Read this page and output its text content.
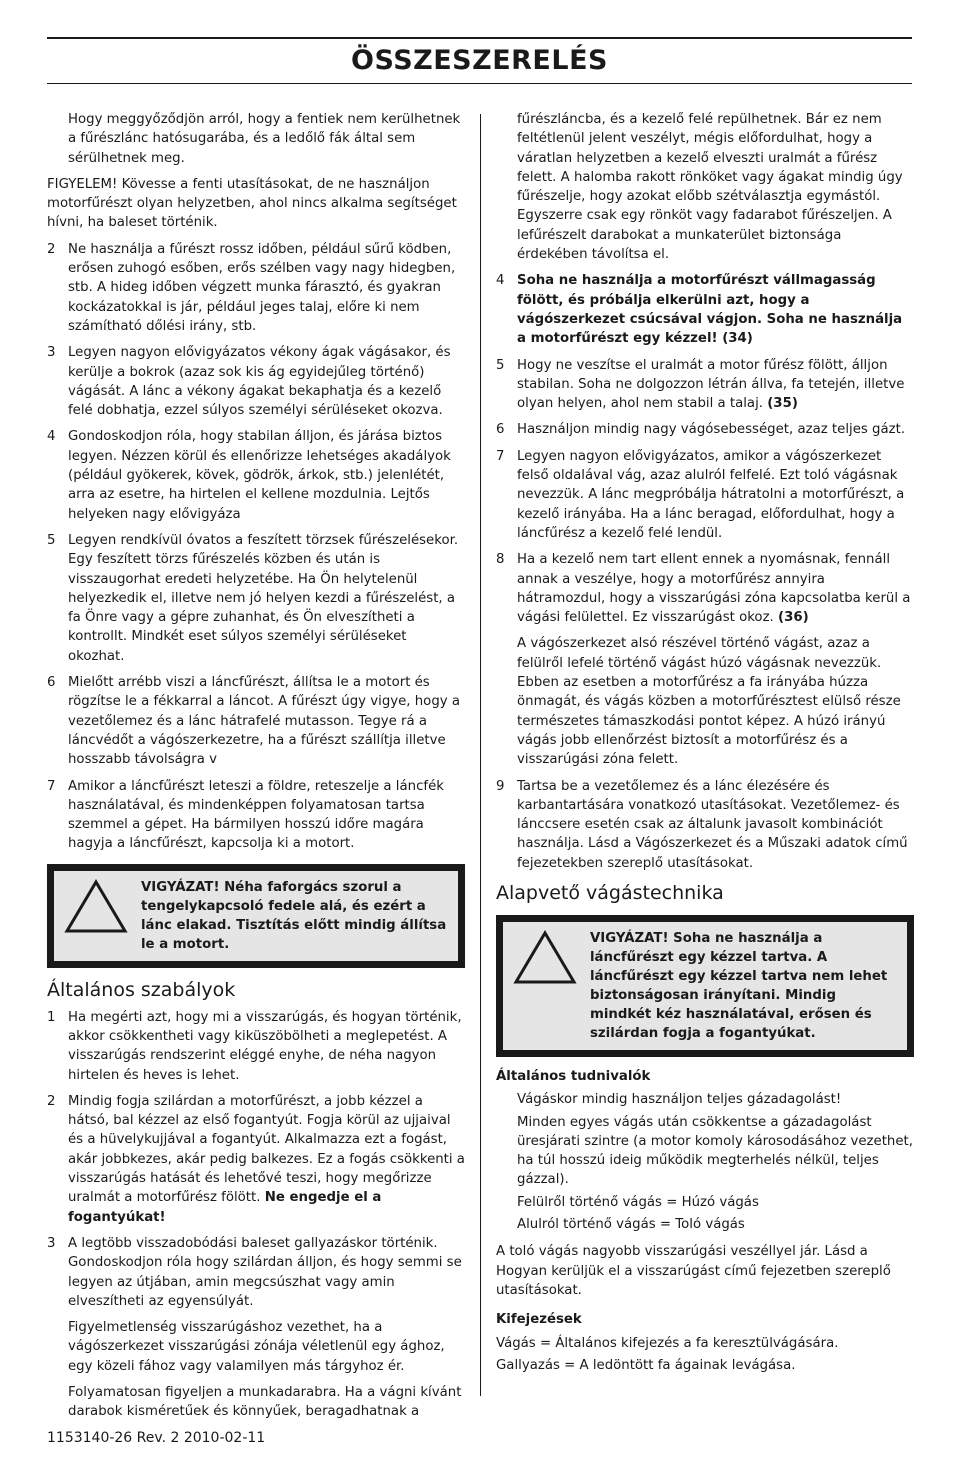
ÖSSZESZERELÉS

Hogy meggyőződjön arról, hogy a fentiek nem kerülhetnek a fűrészlánc hatósugarába, és a ledőlő fák által sem sérülhetnek meg.

FIGYELEM! Kövesse a fenti utasításokat, de ne használjon motorfűrészt olyan helyzetben, ahol nincs alkalma segítséget hívni, ha baleset történik.

2 Ne használja a fűrészt rossz időben, például sűrű ködben, erősen zuhogó esőben, erős szélben vagy nagy hidegben, stb. A hideg időben végzett munka fárasztó, és gyakran kockázatokkal is jár, például jeges talaj, előre ki nem számítható dőlési irány, stb.
3 Legyen nagyon elővigyázatos vékony ágak vágásakor, és kerülje a bokrok (azaz sok kis ág egyidejűleg történő) vágását. A lánc a vékony ágakat bekaphatja és a kezelő felé dobhatja, ezzel súlyos személyi sérüléseket okozva.
4 Gondoskodjon róla, hogy stabilan álljon, és járása biztos legyen. Nézzen körül és ellenőrizze lehetséges akadályok (például gyökerek, kövek, gödrök, árkok, stb.) jelenlétét, arra az esetre, ha hirtelen el kellene mozdulnia. Lejtős helyeken nagy elővigyáza
5 Legyen rendkívül óvatos a feszített törzsek fűrészelésekor. Egy feszített törzs fűrészelés közben és után is visszaugorhat eredeti helyzetébe. Ha Ön helytelenül helyezkedik el, illetve nem jó helyen kezdi a fűrészelést, a fa Önre vagy a gépre zuhanhat, és Ön elveszítheti a kontrollt. Mindkét eset súlyos személyi sérüléseket okozhat.
6 Mielőtt arrébb viszi a láncfűrészt, állítsa le a motort és rögzítse le a fékkarral a láncot. A fűrészt úgy vigye, hogy a vezetőlemez és a lánc hátrafelé mutasson. Tegye rá a láncvédőt a vágószerkezetre, ha a fűrészt szállítja illetve hosszabb távolságra v
7 Amikor a láncfűrészt leteszi a földre, reteszelje a láncfék használatával, és mindenképpen folyamatosan tartsa szemmel a gépet. Ha bármilyen hosszú időre magára hagyja a láncfűrészt, kapcsolja ki a motort.
VIGYÁZAT! Néha faforgács szorul a tengelykapcsoló fedele alá, és ezért a lánc elakad. Tisztítás előtt mindig állítsa le a motort.
Általános szabályok
1 Ha megérti azt, hogy mi a visszarúgás, és hogyan történik, akkor csökkentheti vagy kiküszöbölheti a meglepetést. A visszarúgás rendszerint eléggé enyhe, de néha nagyon hirtelen és heves is lehet.
2 Mindig fogja szilárdan a motorfűrészt, a jobb kézzel a hátsó, bal kézzel az első fogantyút. Fogja körül az ujjaival és a hüvelykujjával a fogantyút. Alkalmazza ezt a fogást, akár jobbkezes, akár pedig balkezes. Ez a fogás csökkenti a visszarúgás hatását és lehetővé teszi, hogy megőrizze uralmát a motorfűrész fölött. Ne engedje el a fogantyúkat!
3 A legtöbb visszadobódási baleset gallyazáskor történik. Gondoskodjon róla hogy szilárdan álljon, és hogy semmi se legyen az útjában, amin megcsúszhat vagy amin elveszítheti az egyensúlyát.

Figyelmetlenség visszarúgáshoz vezethet, ha a vágószerkezet visszarúgási zónája véletlenül egy ághoz, egy közeli fához vagy valamilyen más tárgyhoz ér.

Folyamatosan figyeljen a munkadarabra. Ha a vágni kívánt darabok kisméretűek és könnyűek, beragadhatnak a

fűrészláncba, és a kezelő felé repülhetnek. Bár ez nem feltétlenül jelent veszélyt, mégis előfordulhat, hogy a váratlan helyzetben a kezelő elveszti uralmát a fűrész felett. A halomba rakott rönköket vagy ágakat mindig úgy fűrészelje, hogy azokat előbb szétválasztja egymástól. Egyszerre csak egy rönköt vagy fadarabot fűrészeljen. A lefűrészelt darabokat a munkaterület biztonsága érdekében távolítsa el.

4 Soha ne használja a motorfűrészt vállmagasság fölött, és próbálja elkerülni azt, hogy a vágószerkezet csúcsával vágjon. Soha ne használja a motorfűrészt egy kézzel! (34)
5 Hogy ne veszítse el uralmát a motor fűrész fölött, álljon stabilan. Soha ne dolgozzon létrán állva, fa tetején, illetve olyan helyen, ahol nem stabil a talaj. (35)
6 Használjon mindig nagy vágósebességet, azaz teljes gázt.
7 Legyen nagyon elővigyázatos, amikor a vágószerkezet felső oldalával vág, azaz alulról felfelé. Ezt toló vágásnak nevezzük. A lánc megpróbálja hátratolni a motorfűrészt, a kezelő irányába. Ha a lánc beragad, előfordulhat, hogy a láncfűrész a kezelő felé lendül.
8 Ha a kezelő nem tart ellent ennek a nyomásnak, fennáll annak a veszélye, hogy a motorfűrész annyira hátramozdul, hogy a visszarúgási zóna kapcsolatba kerül a vágási felülettel. Ez visszarúgást okoz. (36)

A vágószerkezet alsó részével történő vágást, azaz a felülről lefelé történő vágást húzó vágásnak nevezzük. Ebben az esetben a motorfűrész a fa irányába húzza önmagát, és vágás közben a motorfűrésztest elülső része természetes támaszkodási pontot képez. A húzó irányú vágás jobb ellenőrzést biztosít a motorfűrész és a visszarúgási zóna felett.

9 Tartsa be a vezetőlemez és a lánc élezésére és karbantartására vonatkozó utasításokat. Vezetőlemez- és lánccsere esetén csak az általunk javasolt kombinációt használja. Lásd a Vágószerkezet és a Műszaki adatok című fejezetekben szereplő utasításokat.
Alapvető vágástechnika
VIGYÁZAT! Soha ne használja a láncfűrészt egy kézzel tartva. A láncfűrészt egy kézzel tartva nem lehet biztonságosan irányítani. Mindig mindkét kéz használatával, erősen és szilárdan fogja a fogantyúkat.
Általános tudnivalók

Vágáskor mindig használjon teljes gázadagolást!

Minden egyes vágás után csökkentse a gázadagolást üresjárati szintre (a motor komoly károsodásához vezethet, ha túl hosszú ideig működik megterhelés nélkül, teljes gázzal).

Felülről történő vágás = Húzó vágás

Alulról történő vágás = Toló vágás

A toló vágás nagyobb visszarúgási veszéllyel jár. Lásd a Hogyan kerüljük el a visszarúgást című fejezetben szereplő utasításokat.

Kifejezések

Vágás = Általános kifejezés a fa keresztülvágására.

Gallyazás = A ledöntött fa ágainak levágása.

1153140-26 Rev. 2 2010-02-11
